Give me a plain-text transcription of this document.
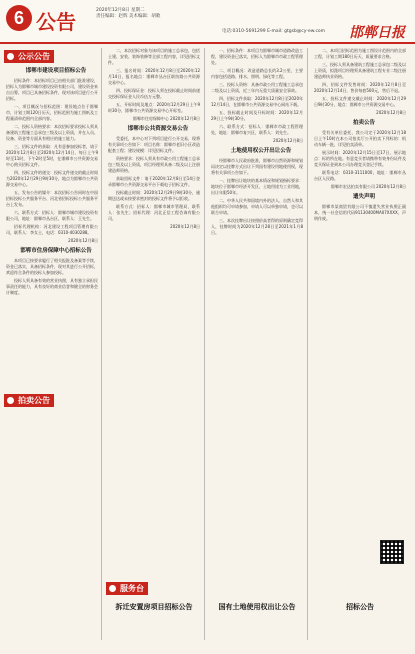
6 公告	2020年12月8日 星期二
责任编辑：赵辉 美术编辑：胡歌
电话:0310-5691299 E-mail: gtgsb@cy-ew.com 邯郸日报
公示公告
拍卖公告
服务台

邯郸市建设项目招标公告

招标条件：本招标项目已由相关部门批准建设，招标人为邯郸市城市建设投资有限公司，建设资金来自自筹，项目已具备招标条件，现对该项目进行公开招标。

一、项目概况与招标范围：建设地点位于邯郸市，计划工期120日历天，招标范围为施工图纸及工程量清单范围内全部内容。

二、投标人资格要求：本次招标要求投标人须具备建筑工程施工总承包三级及以上资质，并在人员、设备、资金等方面具有相应的施工能力。

三、招标文件的获取：凡有意参加投标者，请于2020年12月8日至2020年12月14日，每日上午9时至11时，下午2时至5时，在邯郸市公共资源交易中心购买招标文件。

四、投标文件的递交：投标文件递交的截止时间为2020年12月29日9时30分，地点为邯郸市公共资源交易中心。

五、发布公告的媒介：本次招标公告同时在中国招标投标公共服务平台、河北省招标投标公共服务平台上发布。

六、联系方式：招标人：邯郸市城市建设投资有限公司，地址：邯郸市丛台区，联系人：王先生。

招标代理机构：河北建设工程项目管理有限公司，联系人：李女士，电话：0310-4030288。

2020年12月8日

邯郸市住房保障中心招标公告

本项目已按要求履行了相关报批及备案等手续，资金已落实，具备招标条件，现对其进行公开招标，欢迎符合条件的投标人参加投标。

投标人须具备有效的营业执照，具有独立承担民事责任的能力，具有良好的商业信誉和健全的财务会计制度。

二、本次招标对象为该项目的施工总承包，包括土建、安装、装饰装修等全部工程内容，详见招标文件。

三、报名时间：2020年12月8日至2020年12月14日，报名地点：邯郸市丛台区联纺路公共资源交易中心。

四、投标保证金：投标人须在投标截止时间前递交投标保证金人民币伍万元整。

五、开标时间及地点：2020年12月29日上午9时30分，邯郸市公共资源交易中心开标室。

邯郸市住房保障中心 2020年12月8日

邯郸市公共资源交易公告

受委托，本中心对下列项目进行公开交易，现将有关事项公告如下：项目名称：邯郸市老旧小区改造配套工程；建设规模：详见招标文件。

资格要求：投标人须具有市政公用工程施工总承包三级及以上资质，项目经理须具备二级及以上注册建造师资格。

获取招标文件：请于2020年12月8日至14日登录邯郸市公共资源交易平台下载电子招标文件。

投标截止时间：2020年12月29日9时30分，逾期送达或未按要求密封的投标文件将予以拒收。

联系方式：招标人：邯郸市城市管理局，联系人：张先生；招标代理：河北正信工程咨询有限公司。

2020年12月8日

一、招标条件：本项目为邯郸市城市道路改造工程，建设资金已落实，招标人为邯郸市市政工程管理处。

二、项目概况：改造道路总长约3.2公里，主要内容包括道路、排水、照明、绿化等工程。

三、投标人资格：具备市政公用工程施工总承包二级及以上资质，近三年内无重大质量安全事故。

四、招标文件获取：2020年12月8日至2020年12月14日，在邯郸市公共资源交易中心网站下载。

五、投标截止时间及开标时间：2020年12月29日上午9时30分。

六、联系方式：招标人：邯郸市市政工程管理处，地址：邯郸市复兴区，联系人：刘先生。

2020年12月8日

土地使用权公开出让公告

经邯郸市人民政府批准，邯郸市自然资源和规划局决定以挂牌方式出让下列国有建设用地使用权，现将有关事项公告如下。

一、挂牌出让地块的基本情况和规划指标要求：地块位于邯郸市经济开发区，土地用途为工业用地，出让年限50年。

二、中华人民共和国境内外的法人、自然人和其他组织均可申请参加，申请人可以单独申请，也可以联合申请。

三、本次挂牌出让按照价高者得的原则确定竞得人，挂牌时间为2020年12月28日至2021年1月8日。

二、本项目招标范围为施工图设计范围内的全部工程，计划工期180日历天，质量要求合格。

三、投标人须具备建筑工程施工总承包二级及以上资质，拟派项目经理须具备建筑工程专业二级注册建造师执业资格。

四、招标文件发售时间：2020年12月8日至2020年12月14日，售价每套500元，售后不退。

五、投标文件递交截止时间：2020年12月29日9时30分，地点：邯郸市公共资源交易中心。

2020年12月8日

拍卖公告

受有关单位委托，我公司定于2020年12月18日上午10时在本公司拍卖厅公开拍卖下列标的：机动车辆一批，详见拍卖清单。

展示时间：2020年12月15日至17日，展示地点：标的所在地。有意竞买者请携带有效身份证件及竞买保证金到本公司办理竞买登记手续。

联系电话：0310-3111000，地址：邯郸市丛台区人民路。

邯郸市宏达拍卖有限公司 2020年12月8日

遗失声明

邯郸市某商贸有限公司不慎遗失营业执照正副本，统一社会信用代码91130400MA07XXXX，声明作废。

拆迁安置房项目招标公告	国有土地使用权出让公告	招标公告
